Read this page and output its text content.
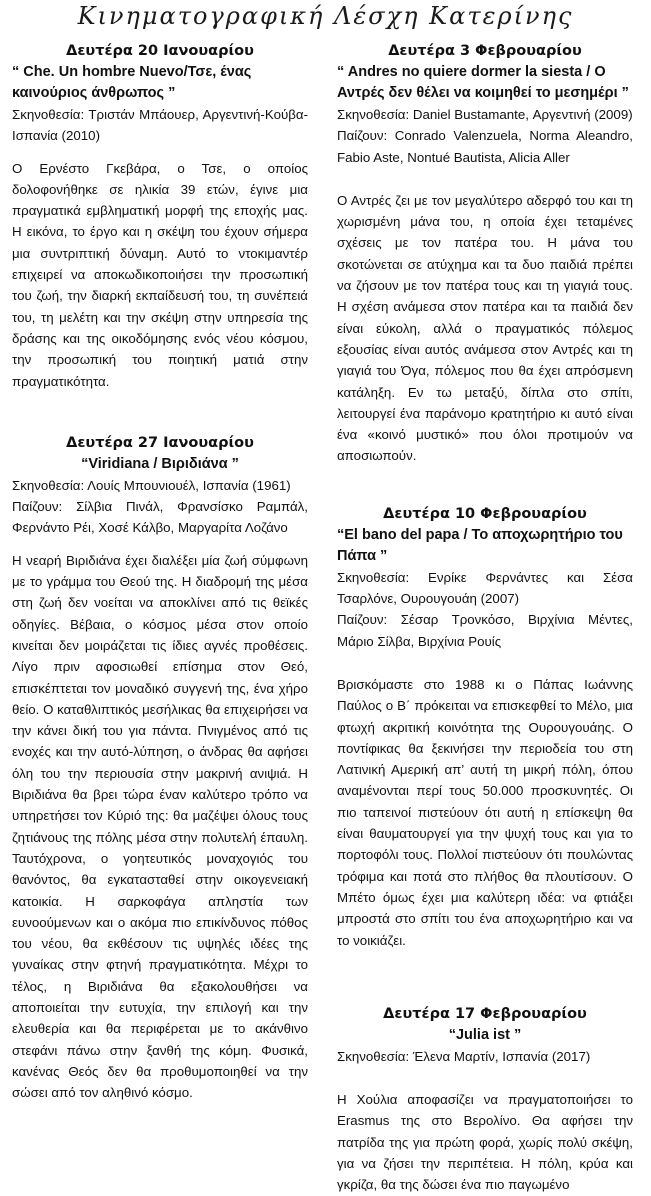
Κινηματογραφική Λέσχη Κατερίνης
Δευτέρα 20 Ιανουαρίου

“ Che. Un hombre Nuevo/Τσε, ένας καινούριος άνθρωπος ”

Σκηνοθεσία: Τριστάν Μπάουερ, Αργεντινή-Κούβα-Ισπανία (2010)

Ο Ερνέστο Γκεβάρα, ο Τσε, ο οποίος δολοφονήθηκε σε ηλικία 39 ετών, έγινε μια πραγματικά εμβληματική μορφή της εποχής μας. Η εικόνα, το έργο και η σκέψη του έχουν σήμερα μια συντριπτική δύναμη. Αυτό το ντοκιμαντέρ επιχειρεί να αποκωδικοποιήσει την προσωπική του ζωή, την διαρκή εκπαίδευσή του, τη συνέπειά του, τη μελέτη και την σκέψη στην υπηρεσία της δράσης και της οικοδόμησης ενός νέου κόσμου, την προσωπική του ποιητική ματιά στην πραγματικότητα.

Δευτέρα 27 Ιανουαρίου

“Viridiana / Βιριδιάνα ”

Σκηνοθεσία: Λουίς Μπουνιουέλ, Ισπανία (1961)

Παίζουν: Σίλβια Πινάλ, Φρανσίσκο Ραμπάλ, Φερνάντο Ρέι, Χοσέ Κάλβο, Μαργαρίτα Λοζάνο

Η νεαρή Βιριδιάνα έχει διαλέξει μία ζωή σύμφωνη με το γράμμα του Θεού της. Η διαδρομή της μέσα στη ζωή δεν νοείται να αποκλίνει από τις θεϊκές οδηγίες. Βέβαια, ο κόσμος μέσα στον οποίο κινείται δεν μοιράζεται τις ίδιες αγνές προθέσεις. Λίγο πριν αφοσιωθεί επίσημα στον Θεό, επισκέπτεται τον μοναδικό συγγενή της, ένα χήρο θείο. Ο καταθλιπτικός μεσήλικας θα επιχειρήσει να την κάνει δική του για πάντα. Πνιγμένος από τις ενοχές και την αυτό-λύπηση, ο άνδρας θα αφήσει όλη του την περιουσία στην μακρινή ανιψιά. Η Βιριδιάνα θα βρει τώρα έναν καλύτερο τρόπο να υπηρετήσει τον Κύριό της: θα μαζέψει όλους τους ζητιάνους της πόλης μέσα στην πολυτελή έπαυλη. Ταυτόχρονα, ο γοητευτικός μοναχογιός του θανόντος, θα εγκατασταθεί στην οικογενειακή κατοικία. Η σαρκοφάγα απληστία των ευνοούμενων και ο ακόμα πιο επικίνδυνος πόθος του νέου, θα εκθέσουν τις υψηλές ιδέες της γυναίκας στην φτηνή πραγματικότητα. Μέχρι το τέλος, η Βιριδιάνα θα εξακολουθήσει να αποποιείται την ευτυχία, την επιλογή και την ελευθερία και θα περιφέρεται με το ακάνθινο στεφάνι πάνω στην ξανθή της κόμη. Φυσικά, κανένας Θεός δεν θα προθυμοποιηθεί να την σώσει από τον αληθινό κόσμο.

Δευτέρα 3 Φεβρουαρίου

“ Andres no quiere dormer la siesta / Ο Αντρές δεν θέλει να κοιμηθεί το μεσημέρι ”

Σκηνοθεσία: Daniel Bustamante, Αργεντινή (2009)

Παίζουν: Conrado Valenzuela, Norma Aleandro, Fabio Aste, Nontué Bautista, Alicia Aller

Ο Αντρές ζει με τον μεγαλύτερο αδερφό του και τη χωρισμένη μάνα του, η οποία έχει τεταμένες σχέσεις με τον πατέρα του. Η μάνα του σκοτώνεται σε ατύχημα και τα δυο παιδιά πρέπει να ζήσουν με τον πατέρα τους και τη γιαγιά τους. Η σχέση ανάμεσα στον πατέρα και τα παιδιά δεν είναι εύκολη, αλλά ο πραγματικός πόλεμος εξουσίας είναι αυτός ανάμεσα στον Αντρές και τη γιαγιά του Όγα, πόλεμος που θα έχει απρόσμενη κατάληξη. Εν τω μεταξύ, δίπλα στο σπίτι, λειτουργεί ένα παράνομο κρατητήριο κι αυτό είναι ένα «κοινό μυστικό» που όλοι προτιμούν να αποσιωπούν.

Δευτέρα 10 Φεβρουαρίου

“El bano del papa / Το αποχωρητήριο του Πάπα ”

Σκηνοθεσία: Ενρίκε Φερνάντες και Σέσα Τσαρλόνε, Ουρουγουάη (2007)

Παίζουν: Σέσαρ Τρονκόσο, Βιρχίνια Μέντες, Μάριο Σίλβα, Βιρχίνια Ρουίς

Βρισκόμαστε στο 1988 κι ο Πάπας Ιωάννης Παύλος ο Β΄ πρόκειται να επισκεφθεί το Μέλο, μια φτωχή ακριτική κοινότητα της Ουρουγουάης. Ο ποντίφικας θα ξεκινήσει την περιοδεία του στη Λατινική Αμερική απ’ αυτή τη μικρή πόλη, όπου αναμένονται περί τους 50.000 προσκυνητές. Οι πιο ταπεινοί πιστεύουν ότι αυτή η επίσκεψη θα είναι θαυματουργεί για την ψυχή τους και για το πορτοφόλι τους. Πολλοί πιστεύουν ότι πουλώντας τρόφιμα και ποτά στο πλήθος θα πλουτίσουν. Ο Μπέτο όμως έχει μια καλύτερη ιδέα: να φτιάξει μπροστά στο σπίτι του ένα αποχωρητήριο και να το νοικιάζει.

Δευτέρα 17 Φεβρουαρίου

“Julia ist ”

Σκηνοθεσία: Έλενα Μαρτίν, Ισπανία (2017)

Η Χούλια αποφασίζει να πραγματοποιήσει το Erasmus της στο Βερολίνο. Θα αφήσει την πατρίδα της για πρώτη φορά, χωρίς πολύ σκέψη, για να ζήσει την περιπέτεια. Η πόλη, κρύα και γκρίζα, θα της δώσει ένα πιο παγωμένο
